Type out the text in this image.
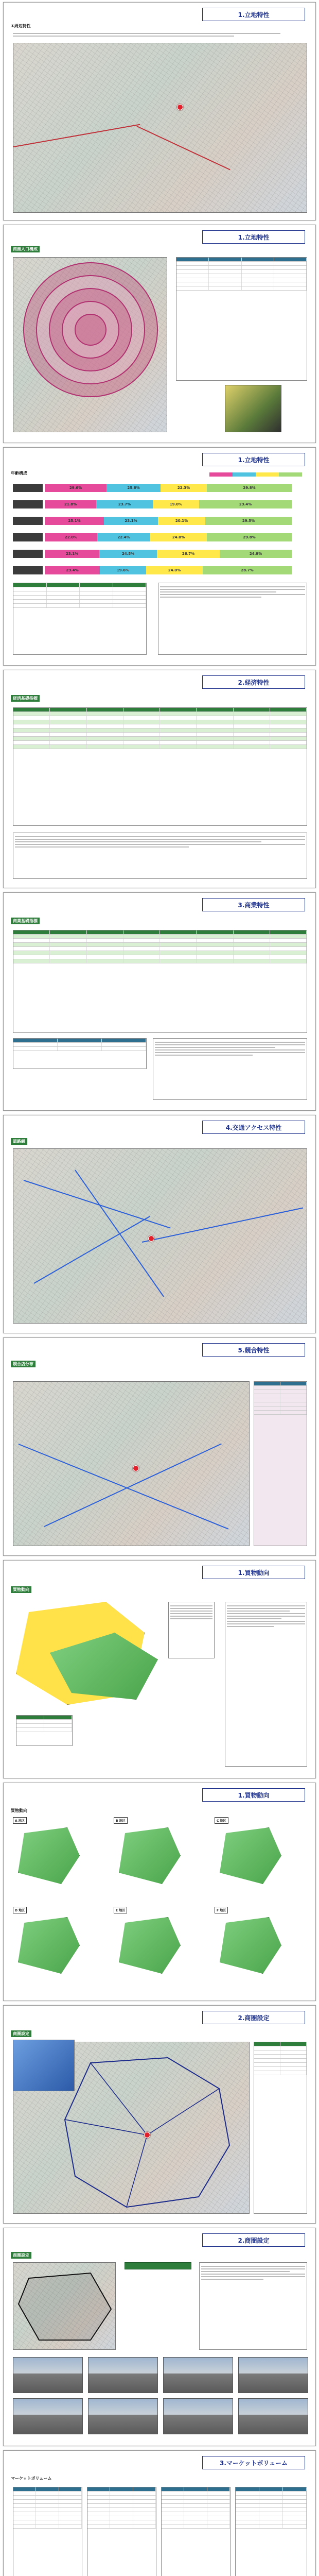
1.立地特性
①周辺特性
1.立地特性
商圏人口構成
1.立地特性
年齢構成
29.6%	25.8%	22.3%	29.8%
21.8%	23.7%	19.0%	23.4%
25.1%	23.1%	20.1%	29.5%
22.0%	22.4%	24.0%	29.8%
23.1%	24.5%	26.7%	24.9%
23.4%	19.6%	24.0%	28.7%
2.経済特性
経済基礎指標
3.商業特性
商業基礎指標
4.交通アクセス特性
道路網
5.競合特性
競合店分布
1.買物動向
買物動向
1.買物動向
買物動向
A 地区	B 地区	C 地区
D 地区	E 地区	F 地区
2.商圏設定
商圏設定
2.商圏設定
商圏設定
3.マーケットボリューム
マーケットボリューム
